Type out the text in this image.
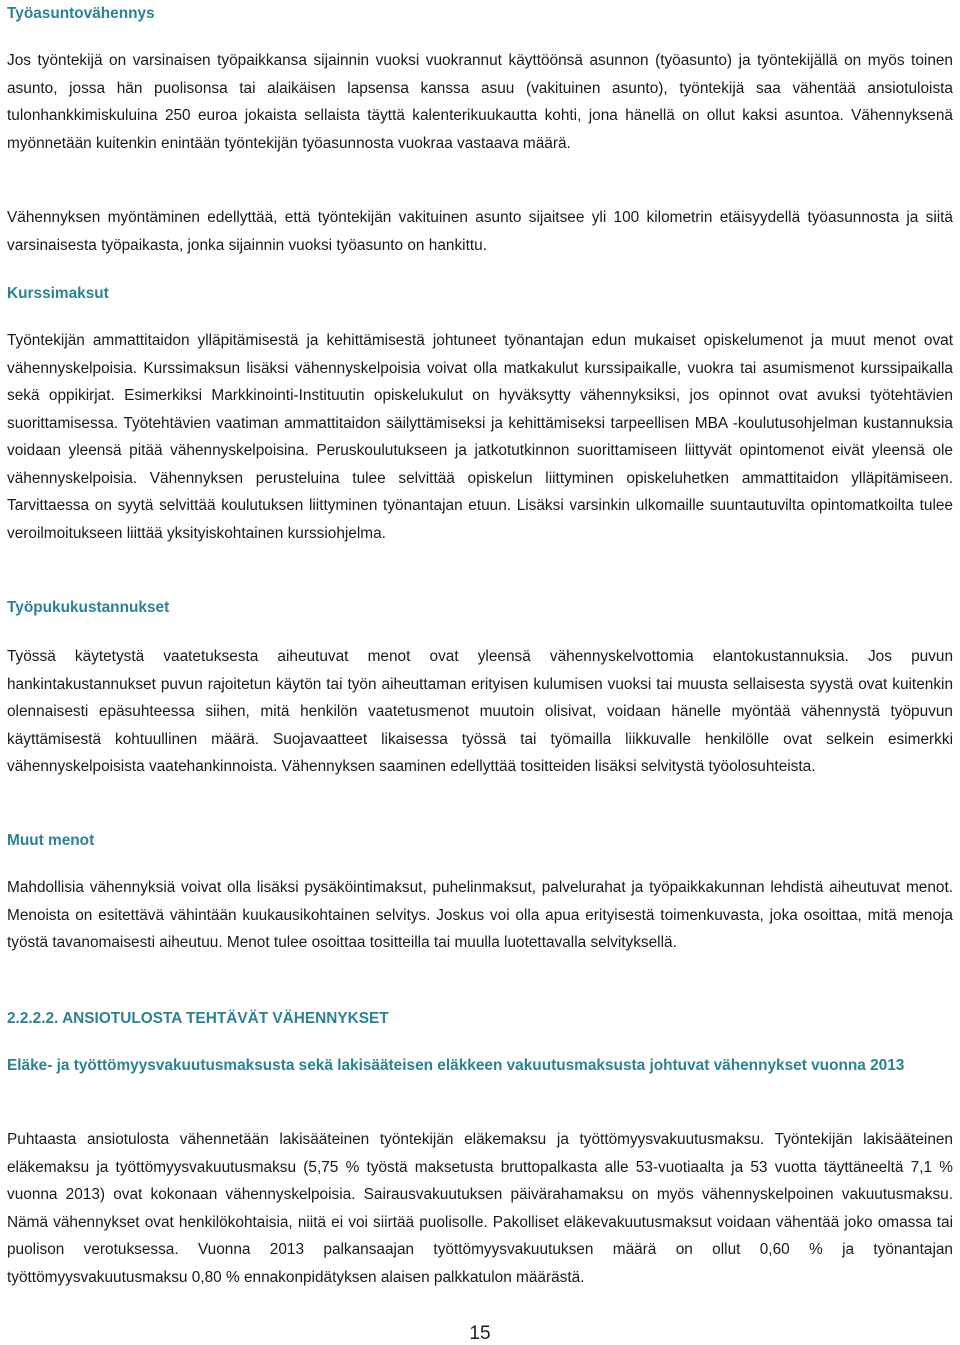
Työasuntovähennys

Jos työntekijä on varsinaisen työpaikkansa sijainnin vuoksi vuokrannut käyttöönsä asunnon (työasunto) ja työntekijällä on myös toinen asunto, jossa hän puolisonsa tai alaikäisen lapsensa kanssa asuu (vakituinen asunto), työntekijä saa vähentää ansiotuloista tulonhankkimiskuluina 250 euroa jokaista sellaista täyttä kalenterikuukautta kohti, jona hänellä on ollut kaksi asuntoa. Vähennyksenä myönnetään kuitenkin enintään työntekijän työasunnosta vuokraa vastaava määrä.

Vähennyksen myöntäminen edellyttää, että työntekijän vakituinen asunto sijaitsee yli 100 kilometrin etäisyydellä työasunnosta ja siitä varsinaisesta työpaikasta, jonka sijainnin vuoksi työasunto on hankittu.

Kurssimaksut

Työntekijän ammattitaidon ylläpitämisestä ja kehittämisestä johtuneet työnantajan edun mukaiset opiskelumenot ja muut menot ovat vähennyskelpoisia. Kurssimaksun lisäksi vähennyskelpoisia voivat olla matkakulut kurssipaikalle, vuokra tai asumismenot kurssipaikalla sekä oppikirjat. Esimerkiksi Markkinointi-Instituutin opiskelukulut on hyväksytty vähennyksiksi, jos opinnot ovat avuksi työtehtävien suorittamisessa. Työtehtävien vaatiman ammattitaidon säilyttämiseksi ja kehittämiseksi tarpeellisen MBA -koulutusohjelman kustannuksia voidaan yleensä pitää vähennyskelpoisina. Peruskoulutukseen ja jatkotutkinnon suorittamiseen liittyvät opintomenot eivät yleensä ole vähennyskelpoisia. Vähennyksen perusteluina tulee selvittää opiskelun liittyminen opiskeluhetken ammattitaidon ylläpitämiseen. Tarvittaessa on syytä selvittää koulutuksen liittyminen työnantajan etuun. Lisäksi varsinkin ulkomaille suuntautuvilta opintomatkoilta tulee veroilmoitukseen liittää yksityiskohtainen kurssiohjelma.

Työpukukustannukset

Työssä käytetystä vaatetuksesta aiheutuvat menot ovat yleensä vähennyskelvottomia elantokustannuksia. Jos puvun hankintakustannukset puvun rajoitetun käytön tai työn aiheuttaman erityisen kulumisen vuoksi tai muusta sellaisesta syystä ovat kuitenkin olennaisesti epäsuhteessa siihen, mitä henkilön vaatetusmenot muutoin olisivat, voidaan hänelle myöntää vähennystä työpuvun käyttämisestä kohtuullinen määrä. Suojavaatteet likaisessa työssä tai työmailla liikkuvalle henkilölle ovat selkein esimerkki vähennyskelpoisista vaatehankinnoista. Vähennyksen saaminen edellyttää tositteiden lisäksi selvitystä työolosuhteista.

Muut menot

Mahdollisia vähennyksiä voivat olla lisäksi pysäköintimaksut, puhelinmaksut, palvelurahat ja työpaikkakunnan lehdistä aiheutuvat menot. Menoista on esitettävä vähintään kuukausikohtainen selvitys. Joskus voi olla apua erityisestä toimenkuvasta, joka osoittaa, mitä menoja työstä tavanomaisesti aiheutuu. Menot tulee osoittaa tositteilla tai muulla luotettavalla selvityksellä.

2.2.2.2. ANSIOTULOSTA TEHTÄVÄT VÄHENNYKSET
Eläke- ja työttömyysvakuutusmaksusta sekä lakisääteisen eläkkeen vakuutusmaksusta johtuvat vähennykset vuonna 2013

Puhtaasta ansiotulosta vähennetään lakisääteinen työntekijän eläkemaksu ja työttömyysvakuutusmaksu. Työntekijän lakisääteinen eläkemaksu ja työttömyysvakuutusmaksu (5,75 % työstä maksetusta bruttopalkasta alle 53-vuotiaalta ja 53 vuotta täyttäneeltä 7,1 % vuonna 2013) ovat kokonaan vähennyskelpoisia. Sairausvakuutuksen päivärahamaksu on myös vähennyskelpoinen vakuutusmaksu. Nämä vähennykset ovat henkilökohtaisia, niitä ei voi siirtää puolisolle. Pakolliset eläkevakuutusmaksut voidaan vähentää joko omassa tai puolison verotuksessa. Vuonna 2013 palkansaajan työttömyysvakuutuksen määrä on ollut 0,60 % ja työnantajan työttömyysvakuutusmaksu 0,80 % ennakonpidätyksen alaisen palkkatulon määrästä.

15
